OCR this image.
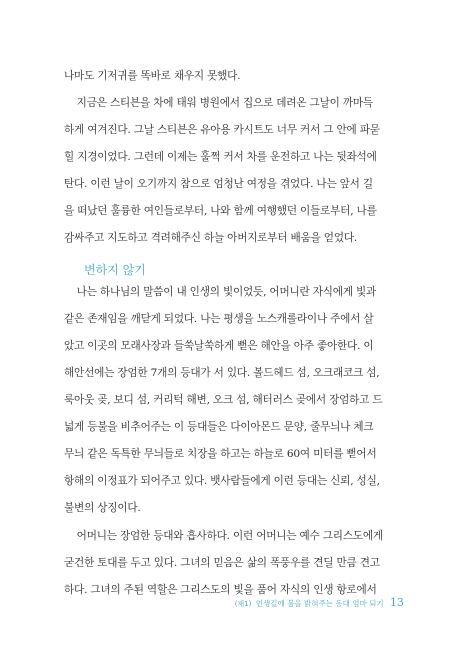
나마도 기저귀를 똑바로 채우지 못했다.
지금은 스티븐을 차에 태워 병원에서 집으로 데려온 그날이 까마득
하게 여겨진다. 그날 스티븐은 유아용 카시트도 너무 커서 그 안에 파묻
힐 지경이었다. 그런데 이제는 훌쩍 커서 차를 운전하고 나는 뒷좌석에
탄다. 이런 날이 오기까지 참으로 엄청난 여정을 겪었다. 나는 앞서 길
을 떠났던 훌륭한 여인들로부터, 나와 함께 여행했던 이들로부터, 나를
감싸주고 지도하고 격려해주신 하늘 아버지로부터 배움을 얻었다.
변하지 않기
나는 하나님의 말씀이 내 인생의 빛이었듯, 어머니란 자식에게 빛과
같은 존재임을 깨닫게 되었다. 나는 평생을 노스캐롤라이나 주에서 살
았고 이곳의 모래사장과 들쑥날쑥하게 뻗은 해안을 아주 좋아한다. 이
해안선에는 장엄한 7개의 등대가 서 있다. 볼드헤드 섬, 오크래코크 섬,
룩아웃 곶, 보디 섬, 커리턱 해변, 오크 섬, 해터러스 곶에서 장엄하고 드
넓게 등불을 비추어주는 이 등대들은 다이아몬드 문양, 줄무늬나 체크
무늬 같은 독특한 무늬들로 치장을 하고는 하늘로 60여 미터를 뻗어서
항해의 이정표가 되어주고 있다. 뱃사람들에게 이런 등대는 신뢰, 성실,
불변의 상징이다.
어머니는 장엄한 등대와 흡사하다. 이런 어머니는 예수 그리스도에게
굳건한 토대를 두고 있다. 그녀의 믿음은 삶의 폭풍우를 견딜 만큼 견고
하다. 그녀의 주된 역할은 그리스도의 빛을 품어 자식의 인생 항로에서
(제1) 인생길에 불을 밝혀주는 등대 엄마 되기 13
